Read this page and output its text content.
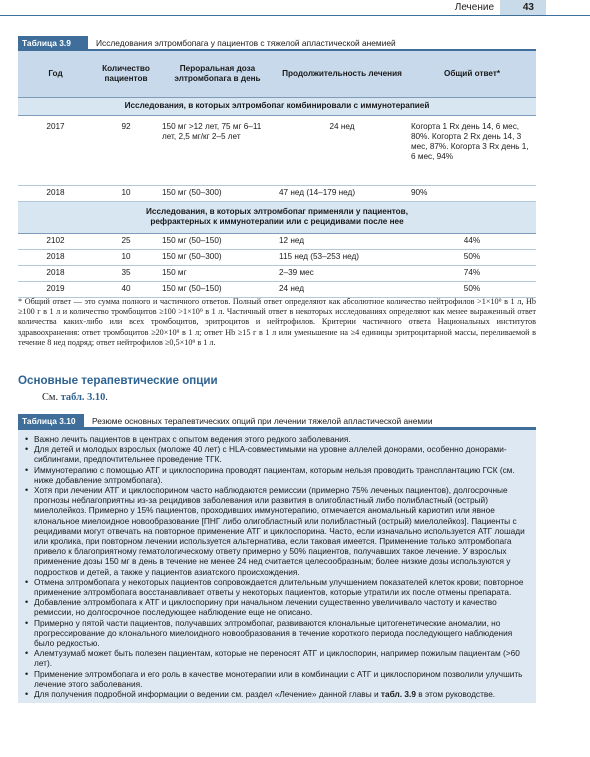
Лечение	43
Таблица 3.9	Исследования элтромбопага у пациентов с тяжелой апластической анемией
Год	Количество пациентов	Пероральная доза элтромбопага в день	Продолжительность лечения	Общий ответ*
Исследования, в которых элтромбопаг комбинировали с иммунотерапией				
2017	92	150 мг >12 лет, 75 мг 6–11 лет, 2,5 мг/кг 2–5 лет	24 нед	Когорта 1 Rx день 14, 6 мес, 80%. Когорта 2 Rx день 14, 3 мес, 87%. Когорта 3 Rx день 1, 6 мес, 94%
2018	10	150 мг (50–300)	47 нед (14–179 нед)	90%
Исследования, в которых элтромбопаг применяли у пациентов, рефрактерных к иммунотерапии или с рецидивами после нее				
2102	25	150 мг (50–150)	12 нед	44%
2018	10	150 мг (50–300)	115 нед (53–253 нед)	50%
2018	35	150 мг	2–39 мес	74%
2019	40	150 мг (50–150)	24 нед	50%

* Общий ответ — это сумма полного и частичного ответов. Полный ответ определяют как абсолютное количество нейтрофилов >1×10⁹ в 1 л, Hb ≥100 г в 1 л и количество тромбоцитов ≥100 >1×10⁹ в 1 л. Частичный ответ в некоторых исследованиях определяют как менее выраженный ответ количества каких-либо или всех тромбоцитов, эритроцитов и нейтрофилов. Критерии частичного ответа Национальных институтов здравоохранения: ответ тромбоцитов ≥20×10⁹ в 1 л; ответ Hb ≥15 г в 1 л или уменьшение на ≥4 единицы эритроцитарной массы, переливаемой в течение 8 нед подряд; ответ нейтрофилов ≥0,5×10⁹ в 1 л.

Основные терапевтические опции

См. табл. 3.10.

Таблица 3.10	Резюме основных терапевтических опций при лечении тяжелой апластической анемии
• Важно лечить пациентов в центрах с опытом ведения этого редкого заболевания.
• Для детей и молодых взрослых (моложе 40 лет) с HLA-совместимыми на уровне аллелей донорами, особенно донорами-сиблингами, предпочтительнее проведение ТГК.
• Иммунотерапию с помощью АТГ и циклоспорина проводят пациентам, которым нельзя проводить трансплантацию ГСК (см. ниже добавление элтромбопага).
• Хотя при лечении АТГ и циклоспорином часто наблюдаются ремиссии (примерно 75% леченых пациентов), долгосрочные прогнозы неблагоприятны из-за рецидивов заболевания или развития в олигобластный либо полибластный (острый) миелолейкоз. Примерно у 15% пациентов, проходивших иммунотерапию, отмечается аномальный кариотип или явное клональное миелоидное новообразование [ПНГ либо олигобластный или полибластный (острый) миелолейкоз]. Пациенты с рецидивами могут отвечать на повторное применение АТГ и циклоспорина. Часто, если изначально используется АТГ лошади или кролика, при повторном лечении используется альтернатива, если таковая имеется. Применение только элтромбопага привело к благоприятному гематологическому ответу примерно у 50% пациентов, получавших такое лечение. У взрослых применение дозы 150 мг в день в течение не менее 24 нед считается целесообразным; более низкие дозы используются у подростков и детей, а также у пациентов азиатского происхождения.
• Отмена элтромбопага у некоторых пациентов сопровождается длительным улучшением показателей клеток крови; повторное применение элтромбопага восстанавливает ответы у некоторых пациентов, которые утратили их после отмены препарата.
• Добавление элтромбопага к АТГ и циклоспорину при начальном лечении существенно увеличивало частоту и качество ремиссии, но долгосрочное последующее наблюдение еще не описано.
• Примерно у пятой части пациентов, получавших элтромбопаг, развиваются клональные цитогенетические аномалии, но прогрессирование до клонального миелоидного новообразования в течение короткого периода последующего наблюдения было редкостью.
• Алемтузумаб может быть полезен пациентам, которые не переносят АТГ и циклоспорин, например пожилым пациентам (>60 лет).
• Применение элтромбопага и его роль в качестве монотерапии или в комбинации с АТГ и циклоспорином позволили улучшить лечение этого заболевания.
• Для получения подробной информации о ведении см. раздел «Лечение» данной главы и табл. 3.9 в этом руководстве.
